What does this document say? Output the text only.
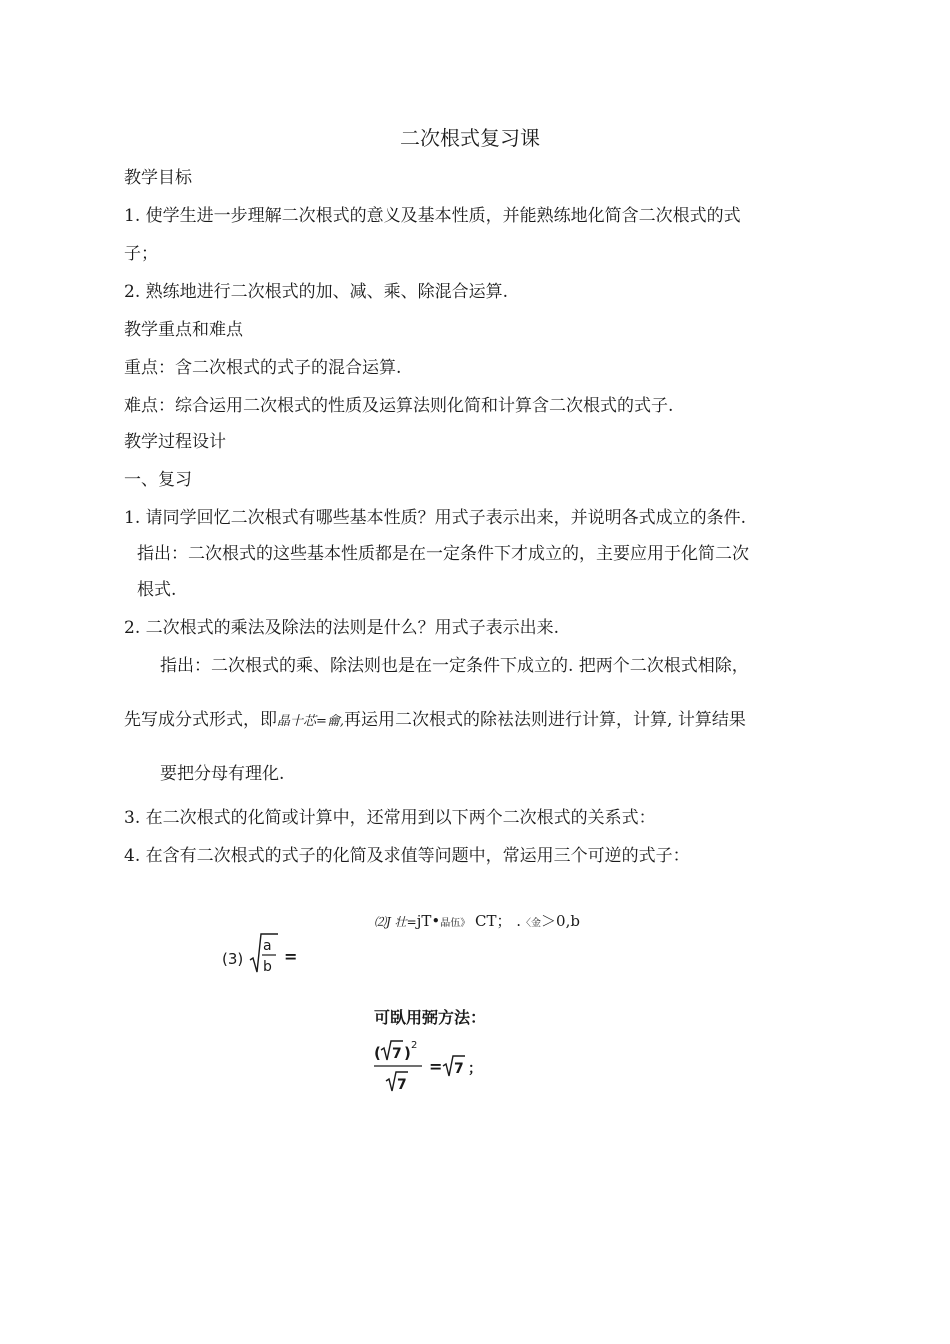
二次根式复习课
教学目标
1. 使学生进一步理解二次根式的意义及基本性质，并能熟练地化简含二次根式的式
子；
2. 熟练地进行二次根式的加、减、乘、除混合运算.
教学重点和难点
重点：含二次根式的式子的混合运算.
难点：综合运用二次根式的性质及运算法则化简和计算含二次根式的式子.
教学过程设计
一、复习
1. 请同学回忆二次根式有哪些基本性质？用式子表示出来，并说明各式成立的条件.
指出：二次根式的这些基本性质都是在一定条件下才成立的，主要应用于化简二次
根式.
2. 二次根式的乘法及除法的法则是什么？用式子表示出来.
指出：二次根式的乘、除法则也是在一定条件下成立的. 把两个二次根式相除，
先写成分式形式，即晶十芯=龠,再运用二次根式的除袪法则进行计算，计算, 计算结果
要把分母有理化.
3. 在二次根式的化简或计算中，还常用到以下两个二次根式的关系式：
4. 在含有二次根式的式子的化简及求值等问题中，常运用三个可逆的式子：
⑵J 壮=jT•晶伍》 CT； .〈金＞0,b
(3)
a
b
=
可臥用弼方法：
( 7 ) 2
7
= 7 ；
